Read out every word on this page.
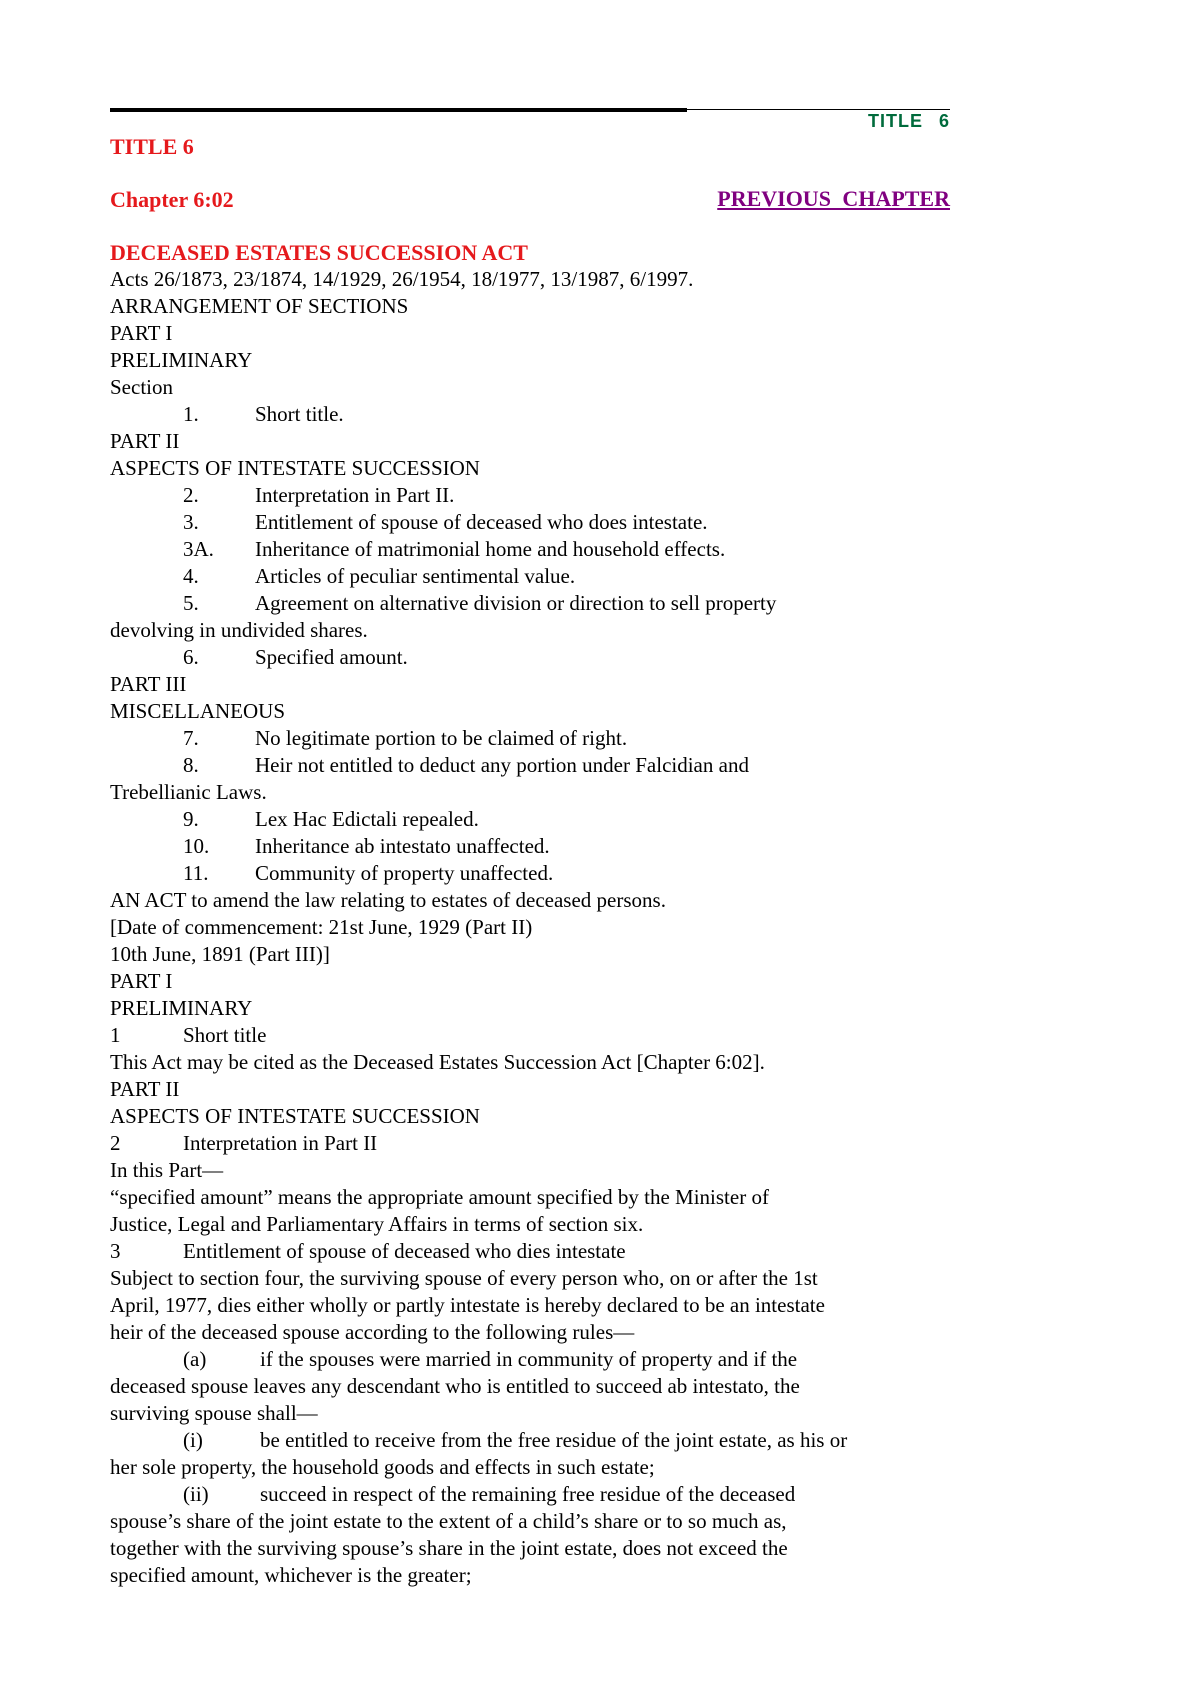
TITLE 6

TITLE 6

Chapter 6:02	PREVIOUS CHAPTER

DECEASED ESTATES SUCCESSION ACT

Acts 26/1873, 23/1874, 14/1929, 26/1954, 18/1977, 13/1987, 6/1997.

ARRANGEMENT OF SECTIONS

PART I

PRELIMINARY

Section

1.	Short title.

PART II

ASPECTS OF INTESTATE SUCCESSION

2.	Interpretation in Part II.

3.	Entitlement of spouse of deceased who does intestate.

3A. Inheritance of matrimonial home and household effects.

4.	Articles of peculiar sentimental value.

5.	Agreement on alternative division or direction to sell property

devolving in undivided shares.

6.	Specified amount.

PART III

MISCELLANEOUS

7.	No legitimate portion to be claimed of right.

8.	Heir not entitled to deduct any portion under Falcidian and

Trebellianic Laws.

9.	Lex Hac Edictali repealed.

10. Inheritance ab intestato unaffected.

11. Community of property unaffected.

AN ACT to amend the law relating to estates of deceased persons.

[Date of commencement: 21st June, 1929 (Part II)

10th June, 1891 (Part III)]

PART I

PRELIMINARY

1	Short title

This Act may be cited as the Deceased Estates Succession Act [Chapter 6:02].

PART II

ASPECTS OF INTESTATE SUCCESSION

2	Interpretation in Part II

In this Part—

“specified amount” means the appropriate amount specified by the Minister of

Justice, Legal and Parliamentary Affairs in terms of section six.

3	Entitlement of spouse of deceased who dies intestate

Subject to section four, the surviving spouse of every person who, on or after the 1st

April, 1977, dies either wholly or partly intestate is hereby declared to be an intestate

heir of the deceased spouse according to the following rules—

(a)	if the spouses were married in community of property and if the

deceased spouse leaves any descendant who is entitled to succeed ab intestato, the

surviving spouse shall—

(i)	be entitled to receive from the free residue of the joint estate, as his or

her sole property, the household goods and effects in such estate;

(ii) succeed in respect of the remaining free residue of the deceased

spouse’s share of the joint estate to the extent of a child’s share or to so much as,

together with the surviving spouse’s share in the joint estate, does not exceed the

specified amount, whichever is the greater;
